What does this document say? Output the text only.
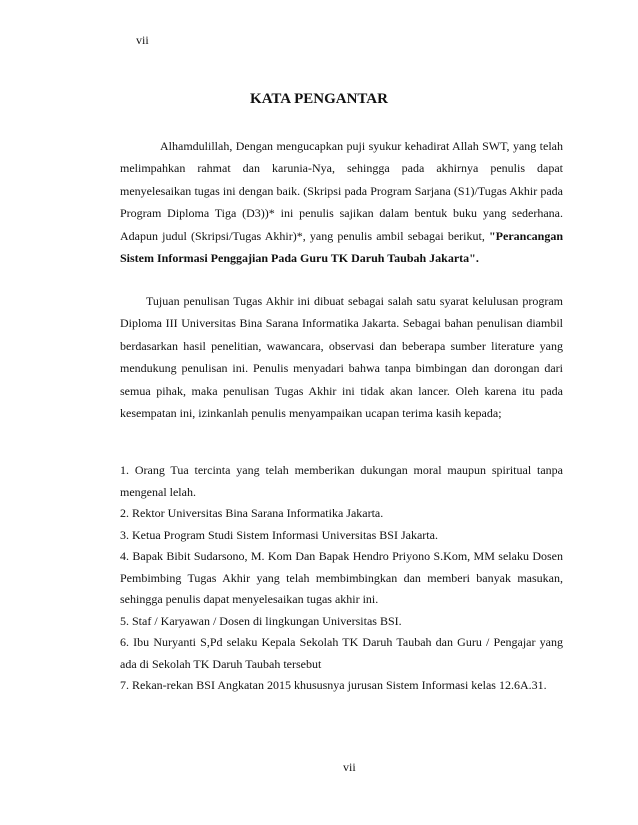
vii
KATA PENGANTAR

Alhamdulillah, Dengan mengucapkan puji syukur kehadirat Allah SWT, yang telah melimpahkan rahmat dan karunia-Nya, sehingga pada akhirnya penulis dapat menyelesaikan tugas ini dengan baik. (Skripsi pada Program Sarjana (S1)/Tugas Akhir pada Program Diploma Tiga (D3))* ini penulis sajikan dalam bentuk buku yang sederhana. Adapun judul (Skripsi/Tugas Akhir)*, yang penulis ambil sebagai berikut, "Perancangan Sistem Informasi Penggajian Pada Guru TK Daruh Taubah Jakarta".

Tujuan penulisan Tugas Akhir ini dibuat sebagai salah satu syarat kelulusan program Diploma III Universitas Bina Sarana Informatika Jakarta. Sebagai bahan penulisan diambil berdasarkan hasil penelitian, wawancara, observasi dan beberapa sumber literature yang mendukung penulisan ini. Penulis menyadari bahwa tanpa bimbingan dan dorongan dari semua pihak, maka penulisan Tugas Akhir ini tidak akan lancer. Oleh karena itu pada kesempatan ini, izinkanlah penulis menyampaikan ucapan terima kasih kepada;

1. Orang Tua tercinta yang telah memberikan dukungan moral maupun spiritual tanpa mengenal lelah.

2. Rektor Universitas Bina Sarana Informatika Jakarta.

3. Ketua Program Studi Sistem Informasi Universitas BSI Jakarta.

4. Bapak Bibit Sudarsono, M. Kom Dan Bapak Hendro Priyono S.Kom, MM selaku Dosen Pembimbing Tugas Akhir yang telah membimbingkan dan memberi banyak masukan, sehingga penulis dapat menyelesaikan tugas akhir ini.

5. Staf / Karyawan / Dosen di lingkungan Universitas BSI.

6. Ibu Nuryanti S,Pd selaku Kepala Sekolah TK Daruh Taubah dan Guru / Pengajar yang ada di Sekolah TK Daruh Taubah tersebut

7. Rekan-rekan BSI Angkatan 2015 khususnya jurusan Sistem Informasi kelas 12.6A.31.

vii
